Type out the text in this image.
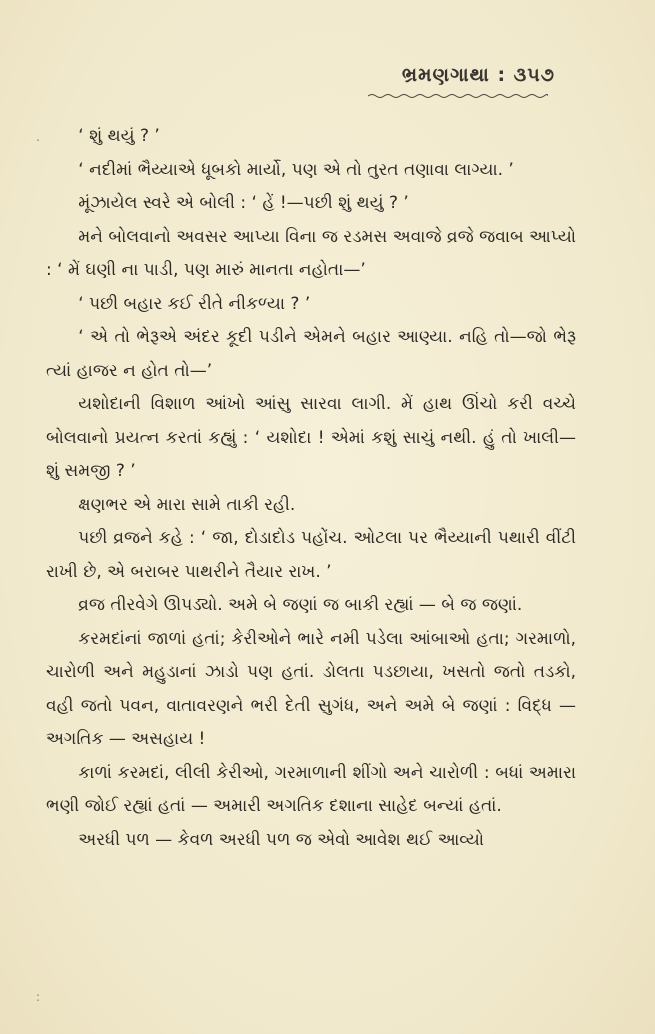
ભ્રમણગાથા : ૩૫૭
.
:

‘ શું થયું ? ’

‘ નદીમાં ભૈય્યાએ ધૂબકો માર્યો, પણ એ તો તુરત તણાવા લાગ્યા. ’

મૂંઝાયેલ સ્વરે એ બોલી : ‘ હેં !—પછી શું થયું ? ’

મને બોલવાનો અવસર આપ્યા વિના જ રડમસ અવાજે વ્રજે જવાબ આપ્યો : ‘ મેં ઘણી ના પાડી, પણ મારું માનતા નહોતા—’

‘ પછી બહાર કઈ રીતે નીકળ્યા ? ’

‘ એ તો ભેરૂએ અંદર કૂદી પડીને એમને બહાર આણ્યા. નહિ તો—જો ભેરૂ ત્યાં હાજર ન હોત તો—’

યશોદાની વિશાળ આંખો આંસુ સારવા લાગી. મેં હાથ ઊંચો કરી વચ્ચે બોલવાનો પ્રયત્ન કરતાં કહ્યું : ‘ યશોદા ! એમાં કશું સાચું નથી. હું તો ખાલી—શું સમજી ? ’

ક્ષણભર એ મારા સામે તાકી રહી.

પછી વ્રજને કહે : ‘ જા, દોડાદોડ પહોંચ. ઓટલા પર ભૈય્યાની પથારી વીંટી રાખી છે, એ બરાબર પાથરીને તૈયાર રાખ. ’

વ્રજ તીરવેગે ઊપડ્યો. અમે બે જણાં જ બાકી રહ્યાં — બે જ જણાં.

કરમદાંનાં જાળાં હતાં; કેરીઓને ભારે નમી પડેલા આંબાઓ હતા; ગરમાળો, ચારોળી અને મહુડાનાં ઝાડો પણ હતાં. ડોલતા પડછાયા, ખસતો જતો તડકો, વહી જતો પવન, વાતાવરણને ભરી દેતી સુગંધ, અને અમે બે જણાં : વિદ્ધ — અગતિક — અસહાય !

કાળાં કરમદાં, લીલી કેરીઓ, ગરમાળાની શીંગો અને ચારોળી : બધાં અમારા ભણી જોઈ રહ્યાં હતાં — અમારી અગતિક દશાના સાહેદ બન્યાં હતાં.

અરધી પળ — કેવળ અરધી પળ જ એવો આવેશ થઈ આવ્યો
